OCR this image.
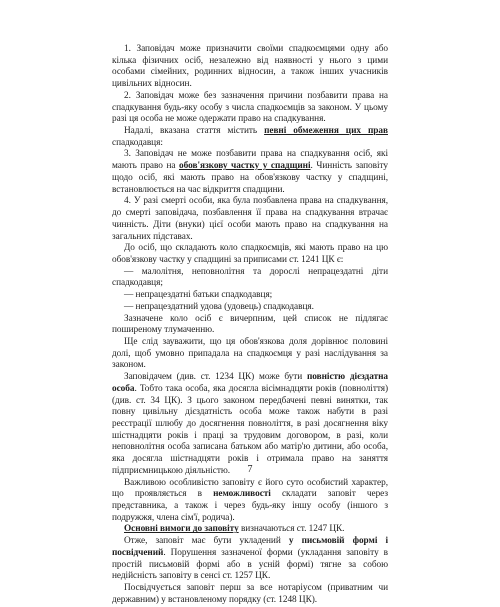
1. Заповідач може призначити своїми спадкоємцями одну або кілька фізичних осіб, незалежно від наявності у нього з цими особами сімейних, родинних відносин, а також інших учасників цивільних відносин.

2. Заповідач може без зазначення причини позбавити права на спадкування будь-яку особу з числа спадкоємців за законом. У цьому разі ця особа не може одержати право на спадкування.

Надалі, вказана стаття містить певні обмеження цих прав спадкодавця:

3. Заповідач не може позбавити права на спадкування осіб, які мають право на обов'язкову частку у спадщині. Чинність заповіту щодо осіб, які мають право на обов'язкову частку у спадщині, встановлюється на час відкриття спадщини.

4. У разі смерті особи, яка була позбавлена права на спадкування, до смерті заповідача, позбавлення її права на спадкування втрачає чинність. Діти (внуки) цієї особи мають право на спадкування на загальних підставах.

До осіб, що складають коло спадкоємців, які мають право на цю обов'язкову частку у спадщині за приписами ст. 1241 ЦК є:

— малолітня, неповнолітня та дорослі непрацездатні діти спадкодавця;

— непрацездатні батьки спадкодавця;

— непрацездатний удова (удовець) спадкодавця.

Зазначене коло осіб є вичерпним, цей список не підлягає поширеному тлумаченню.

Ще слід зауважити, що ця обов'язкова доля дорівнює половині долі, щоб умовно припадала на спадкоємця у разі наслідування за законом.

Заповідачем (див. ст. 1234 ЦК) може бути повністю дієздатна особа. Тобто така особа, яка досягла вісімнадцяти років (повноліття) (див. ст. 34 ЦК). З цього законом передбачені певні винятки, так повну цивільну дієздатність особа може також набути в разі реєстрації шлюбу до досягнення повноліття, в разі досягнення віку шістнадцяти років і праці за трудовим договором, в разі, коли неповнолітня особа записана батьком або матір'ю дитини, або особа, яка досягла шістнадцяти років і отримала право на заняття підприємницькою діяльністю.

Важливою особливістю заповіту є його суто особистий характер, що проявляється в неможливості складати заповіт через представника, а також і через будь-яку іншу особу (іншого з подружжя, члена сім'ї, родича).

Основні вимоги до заповіту визначаються ст. 1247 ЦК.

Отже, заповіт має бути укладений у письмовій формі і посвідчений. Порушення зазначеної форми (укладання заповіту в простій письмовій формі або в усній формі) тягне за собою недійсність заповіту в сенсі ст. 1257 ЦК.

Посвідчується заповіт перш за все нотаріусом (приватним чи державним) у встановленому порядку (ст. 1248 ЦК).

7
